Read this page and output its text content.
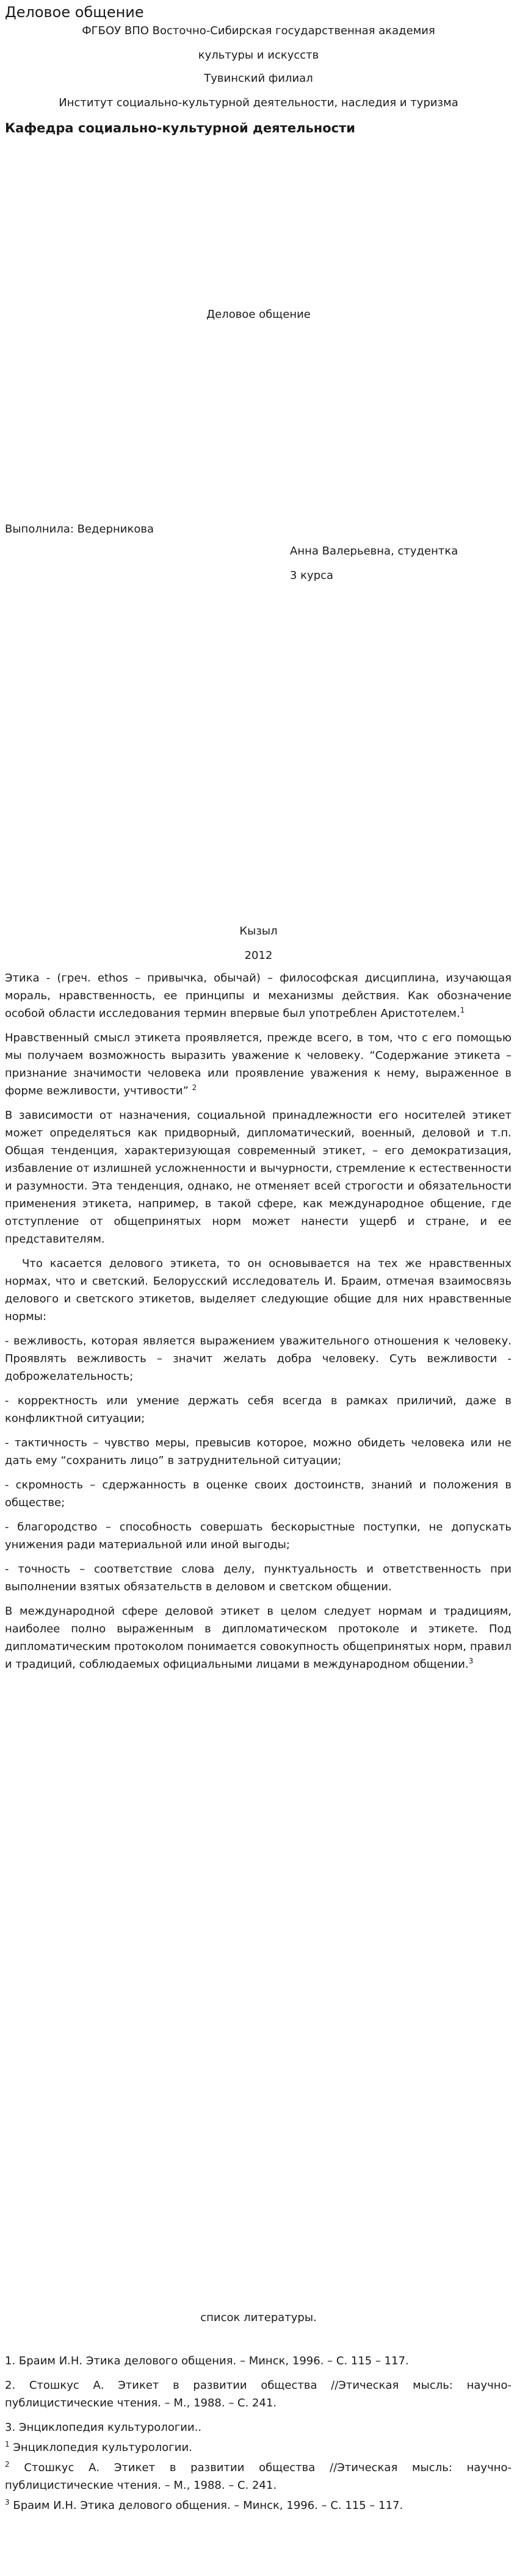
Деловое общение

ФГБОУ ВПО Восточно-Сибирская государственная академия

культуры и искусств

Тувинский филиал

Институт социально-культурной деятельности, наследия и туризма

Кафедра социально-культурной деятельности

Деловое общение

Выполнила: Ведерникова

Анна Валерьевна, студентка

3 курса

Кызыл

2012

Этика - (греч. ethos – привычка, обычай) – философская дисциплина, изучающая мораль, нравственность, ее принципы и механизмы действия. Как обозначение особой области исследования термин впервые был употреблен Аристотелем.$^1$

Нравственный смысл этикета проявляется, прежде всего, в том, что с его помощью мы получаем возможность выразить уважение к человеку. “Содержание этикета – признание значимости человека или проявление уважения к нему, выраженное в форме вежливости, учтивости” $^2$

В зависимости от назначения, социальной принадлежности его носителей этикет может определяться как придворный, дипломатический, военный, деловой и т.п. Общая тенденция, характеризующая современный этикет, – его демократизация, избавление от излишней усложненности и вычурности, стремление к естественности и разумности. Эта тенденция, однако, не отменяет всей строгости и обязательности применения этикета, например, в такой сфере, как международное общение, где отступление от общепринятых норм может нанести ущерб и стране, и ее представителям.

Что касается делового этикета, то он основывается на тех же нравственных нормах, что и светский. Белорусский исследователь И. Браим, отмечая взаимосвязь делового и светского этикетов, выделяет следующие общие для них нравственные нормы:

- вежливость, которая является выражением уважительного отношения к человеку. Проявлять вежливость – значит желать добра человеку. Суть вежливости - доброжелательность;

- корректность или умение держать себя всегда в рамках приличий, даже в конфликтной ситуации;

- тактичность – чувство меры, превысив которое, можно обидеть человека или не дать ему “сохранить лицо” в затруднительной ситуации;

- скромность – сдержанность в оценке своих достоинств, знаний и положения в обществе;

- благородство – способность совершать бескорыстные поступки, не допускать унижения ради материальной или иной выгоды;

- точность – соответствие слова делу, пунктуальность и ответственность при выполнении взятых обязательств в деловом и светском общении.

В международной сфере деловой этикет в целом следует нормам и традициям, наиболее полно выраженным в дипломатическом протоколе и этикете. Под дипломатическим протоколом понимается совокупность общепринятых норм, правил и традиций, соблюдаемых официальными лицами в международном общении.$^3$

список литературы.

1. Браим И.Н. Этика делового общения. – Минск, 1996. – С. 115 – 117.

2. Стошкус А. Этикет в развитии общества //Этическая мысль: научно-публицистические чтения. – М., 1988. – С. 241.

3. Энциклопедия культурологии..

$^1$ Энциклопедия культурологии.

$^2$ Стошкус А. Этикет в развитии общества //Этическая мысль: научно-публицистические чтения. – М., 1988. – С. 241.

$^3$ Браим И.Н. Этика делового общения. – Минск, 1996. – С. 115 – 117.
